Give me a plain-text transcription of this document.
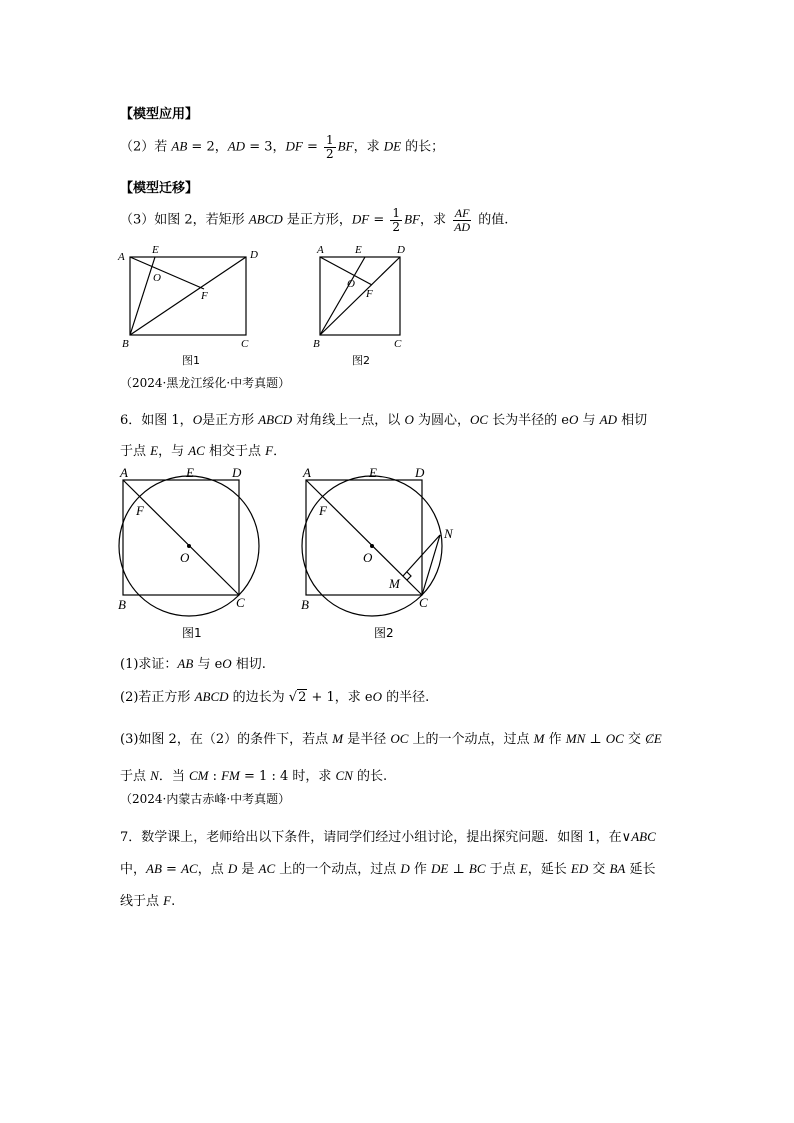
【模型应用】
（2）若 AB = 2，AD = 3，DF = $\frac{1}{2}$ BF，求 DE 的长；
【模型迁移】
（3）如图 2，若矩形 ABCD 是正方形，DF = $\frac{1}{2}$ BF，求 $\frac{AF}{AD}$ 的值.
A
E	D
O
F
B	C
图1
A	E	D
O
F
B	C
图2
（2024·黑龙江绥化·中考真题）
6．如图 1，O是正方形 ABCD 对角线上一点，以 O 为圆心，OC 长为半径的 eO 与 AD 相切
于点 E，与 AC 相交于点 F．
A	E	D
F
O
B	C
图1
A	E	D
F
O
N
M
B	C
图2
(1)求证：AB 与 eO 相切.
(2)若正方形 ABCD 的边长为 √2 + 1，求 eO 的半径.
(3)如图 2，在（2）的条件下，若点 M 是半径 OC 上的一个动点，过点 M 作 MN ⊥ OC 交 ȻE
于点 N．当 CM : FM = 1 : 4 时，求 CN 的长.
（2024·内蒙古赤峰·中考真题）
7．数学课上，老师给出以下条件，请同学们经过小组讨论，提出探究问题．如图 1，在∨ABC
中，AB = AC，点 D 是 AC 上的一个动点，过点 D 作 DE ⊥ BC 于点 E，延长 ED 交 BA 延长
线于点 F.
